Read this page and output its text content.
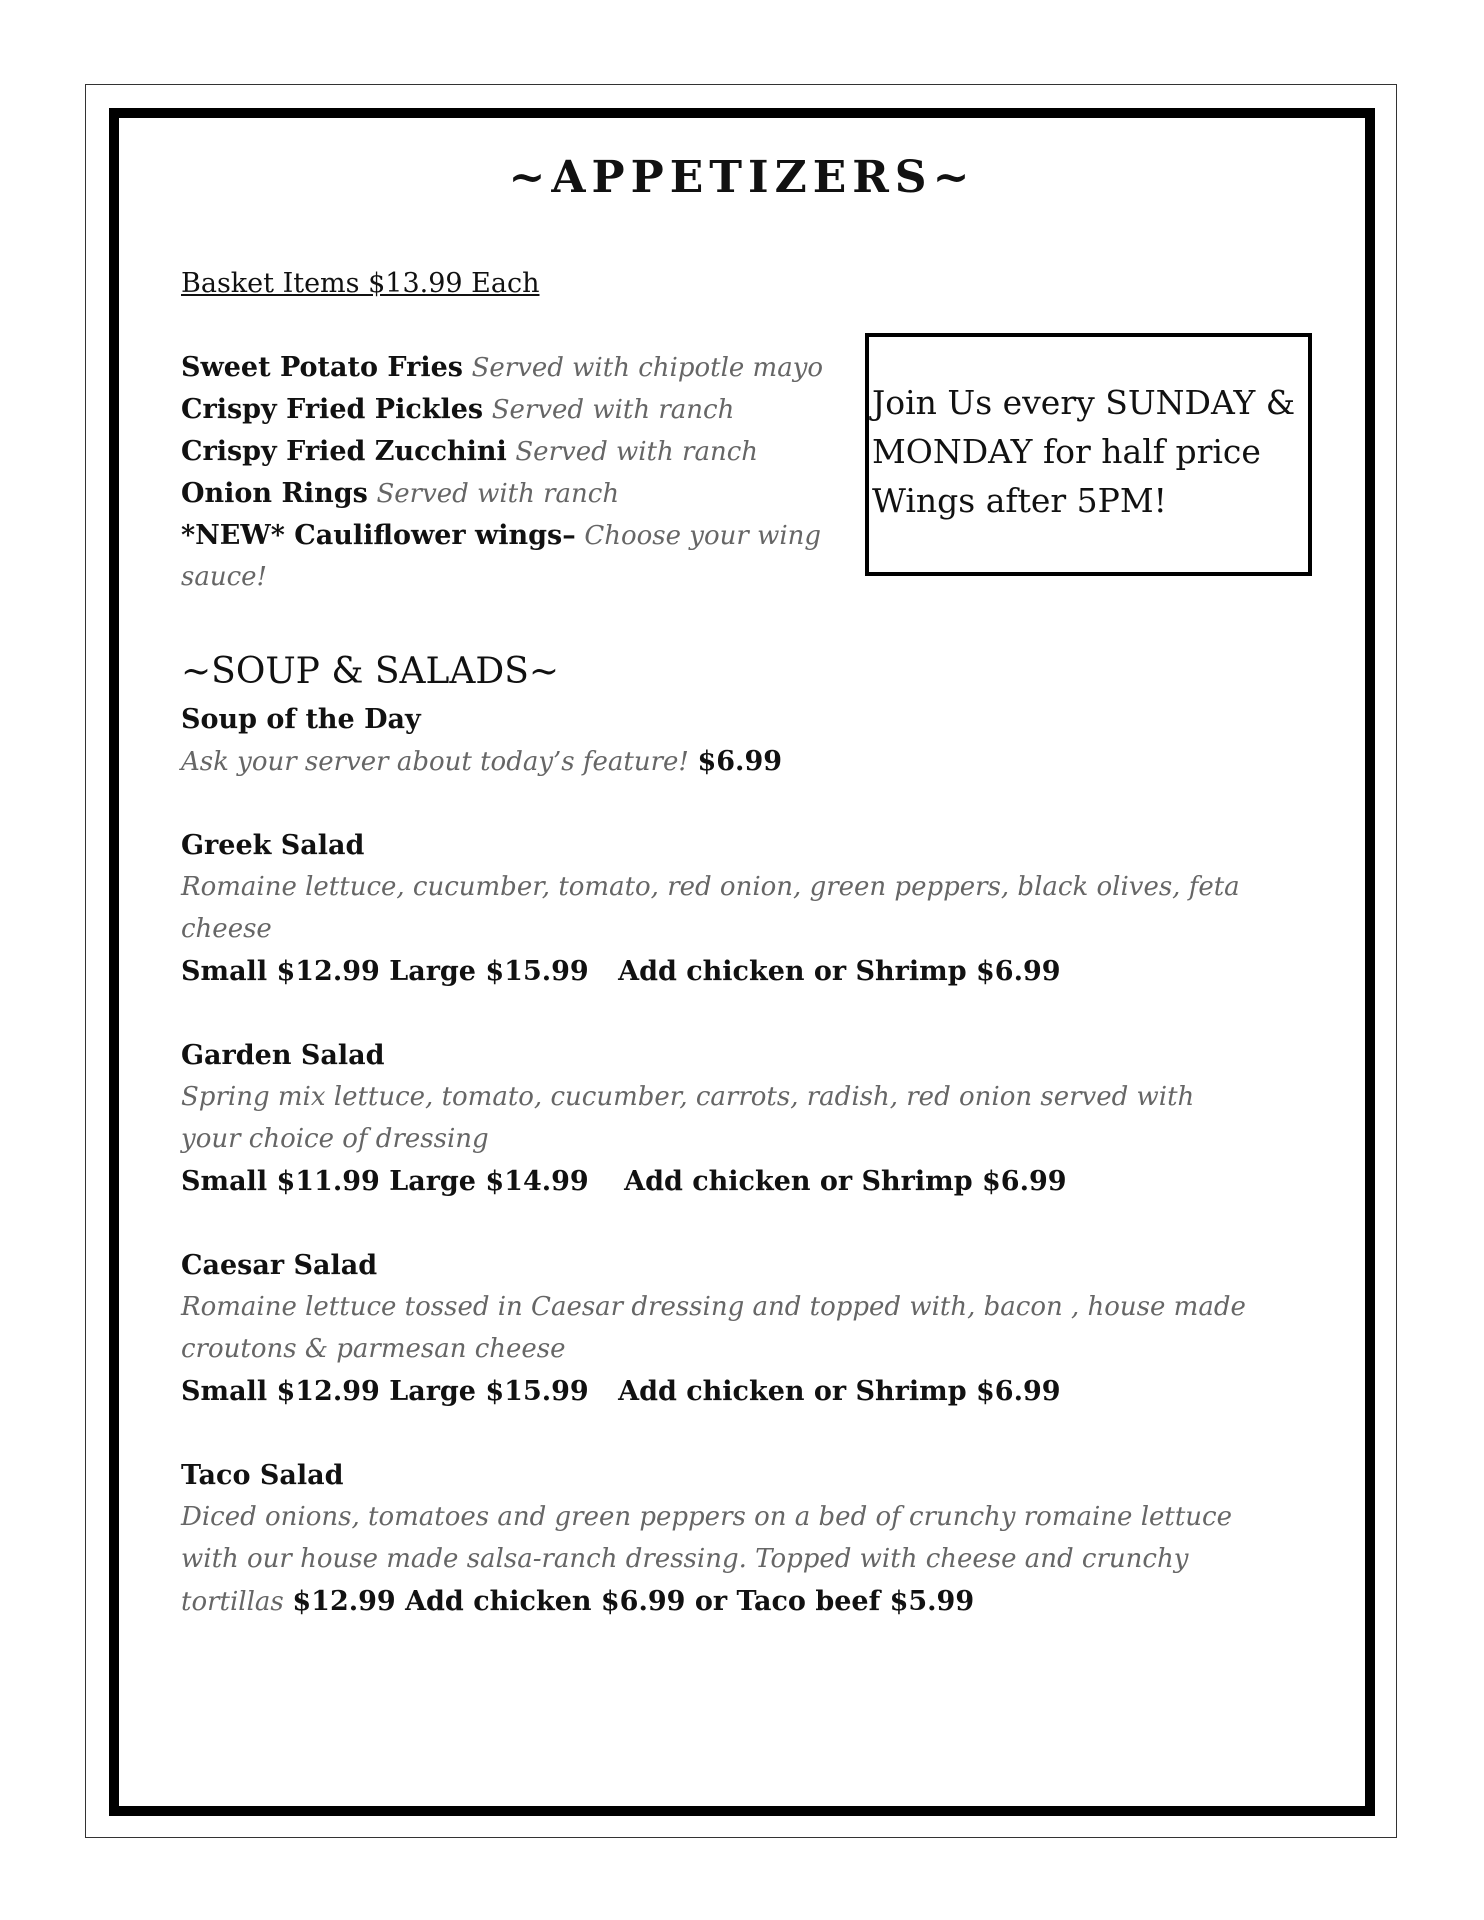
~APPETIZERS~
Basket Items $13.99 Each
Sweet Potato Fries Served with chipotle mayo
Crispy Fried Pickles Served with ranch
Crispy Fried Zucchini Served with ranch
Onion Rings Served with ranch
*NEW* Cauliflower wings– Choose your wing
sauce!
Join Us every SUNDAY &
MONDAY for half price
Wings after 5PM!
~SOUP & SALADS~
Soup of the Day
Ask your server about today’s feature! $6.99
Greek Salad
Romaine lettuce, cucumber, tomato, red onion, green peppers, black olives, feta
cheese
Small $12.99 Large $15.99 Add chicken or Shrimp $6.99
Garden Salad
Spring mix lettuce, tomato, cucumber, carrots, radish, red onion served with
your choice of dressing
Small $11.99 Large $14.99 Add chicken or Shrimp $6.99
Caesar Salad
Romaine lettuce tossed in Caesar dressing and topped with, bacon , house made
croutons & parmesan cheese
Small $12.99 Large $15.99 Add chicken or Shrimp $6.99
Taco Salad
Diced onions, tomatoes and green peppers on a bed of crunchy romaine lettuce
with our house made salsa-ranch dressing. Topped with cheese and crunchy
tortillas $12.99 Add chicken $6.99 or Taco beef $5.99
